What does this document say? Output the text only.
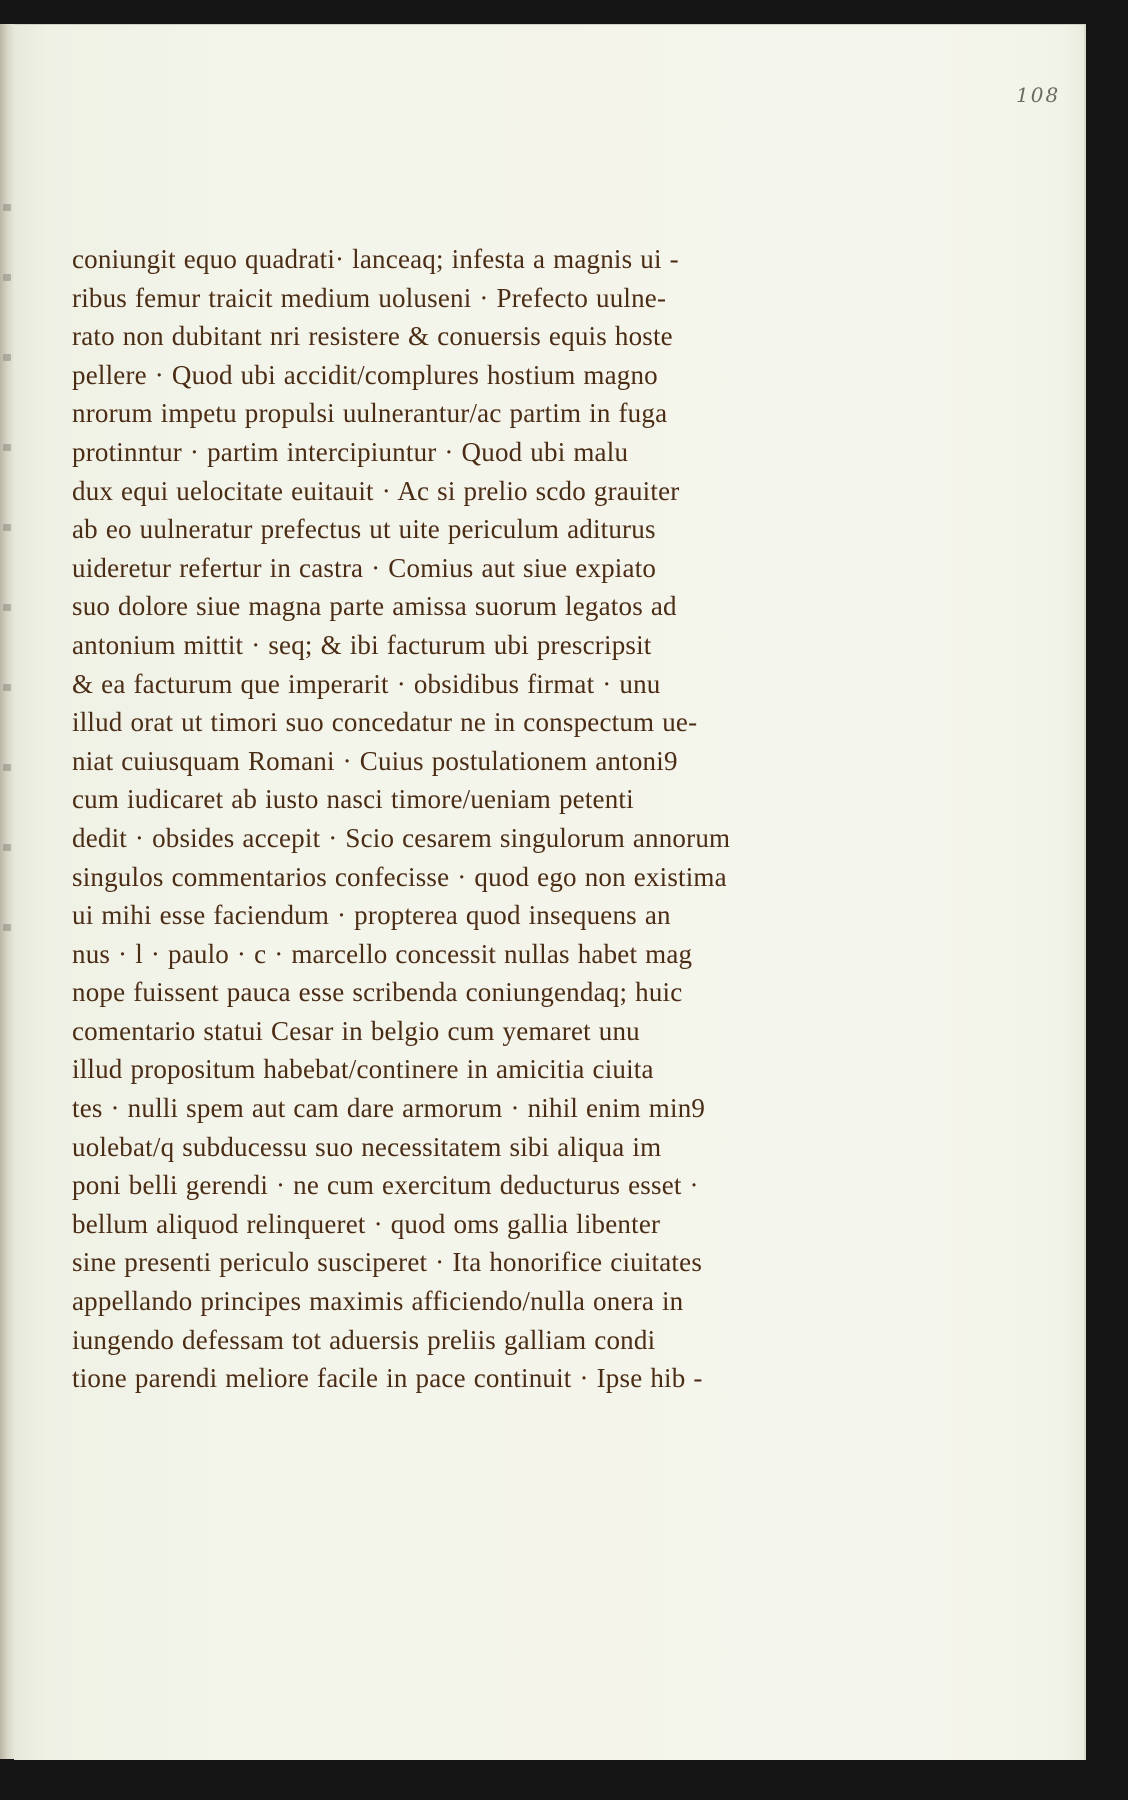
108
coniungit equo quadrati· lanceaq; infesta a magnis ui -
ribus femur traicit medium uoluseni · Prefecto uulne-
rato non dubitant nri resistere & conuersis equis hoste
pellere · Quod ubi accidit/complures hostium magno
nrorum impetu propulsi uulnerantur/ac partim in fuga
protinntur · partim intercipiuntur · Quod ubi malu
dux equi uelocitate euitauit · Ac si prelio scdo grauiter
ab eo uulneratur prefectus ut uite periculum aditurus
uideretur refertur in castra · Comius aut siue expiato
suo dolore siue magna parte amissa suorum legatos ad
antonium mittit · seq; & ibi facturum ubi prescripsit
& ea facturum que imperarit · obsidibus firmat · unu
illud orat ut timori suo concedatur ne in conspectum ue-
niat cuiusquam Romani · Cuius postulationem antoni9
cum iudicaret ab iusto nasci timore/ueniam petenti
dedit · obsides accepit · Scio cesarem singulorum annorum
singulos commentarios confecisse · quod ego non existima
ui mihi esse faciendum · propterea quod insequens an
nus · l · paulo · c · marcello concessit nullas habet mag
nope fuissent pauca esse scribenda coniungendaq; huic
comentario statui Cesar in belgio cum yemaret unu
illud propositum habebat/continere in amicitia ciuita
tes · nulli spem aut cam dare armorum · nihil enim min9
uolebat/q subducessu suo necessitatem sibi aliqua im
poni belli gerendi · ne cum exercitum deducturus esset ·
bellum aliquod relinqueret · quod oms gallia libenter
sine presenti periculo susciperet · Ita honorifice ciuitates
appellando principes maximis afficiendo/nulla onera in
iungendo defessam tot aduersis preliis galliam condi
tione parendi meliore facile in pace continuit · Ipse hib -
